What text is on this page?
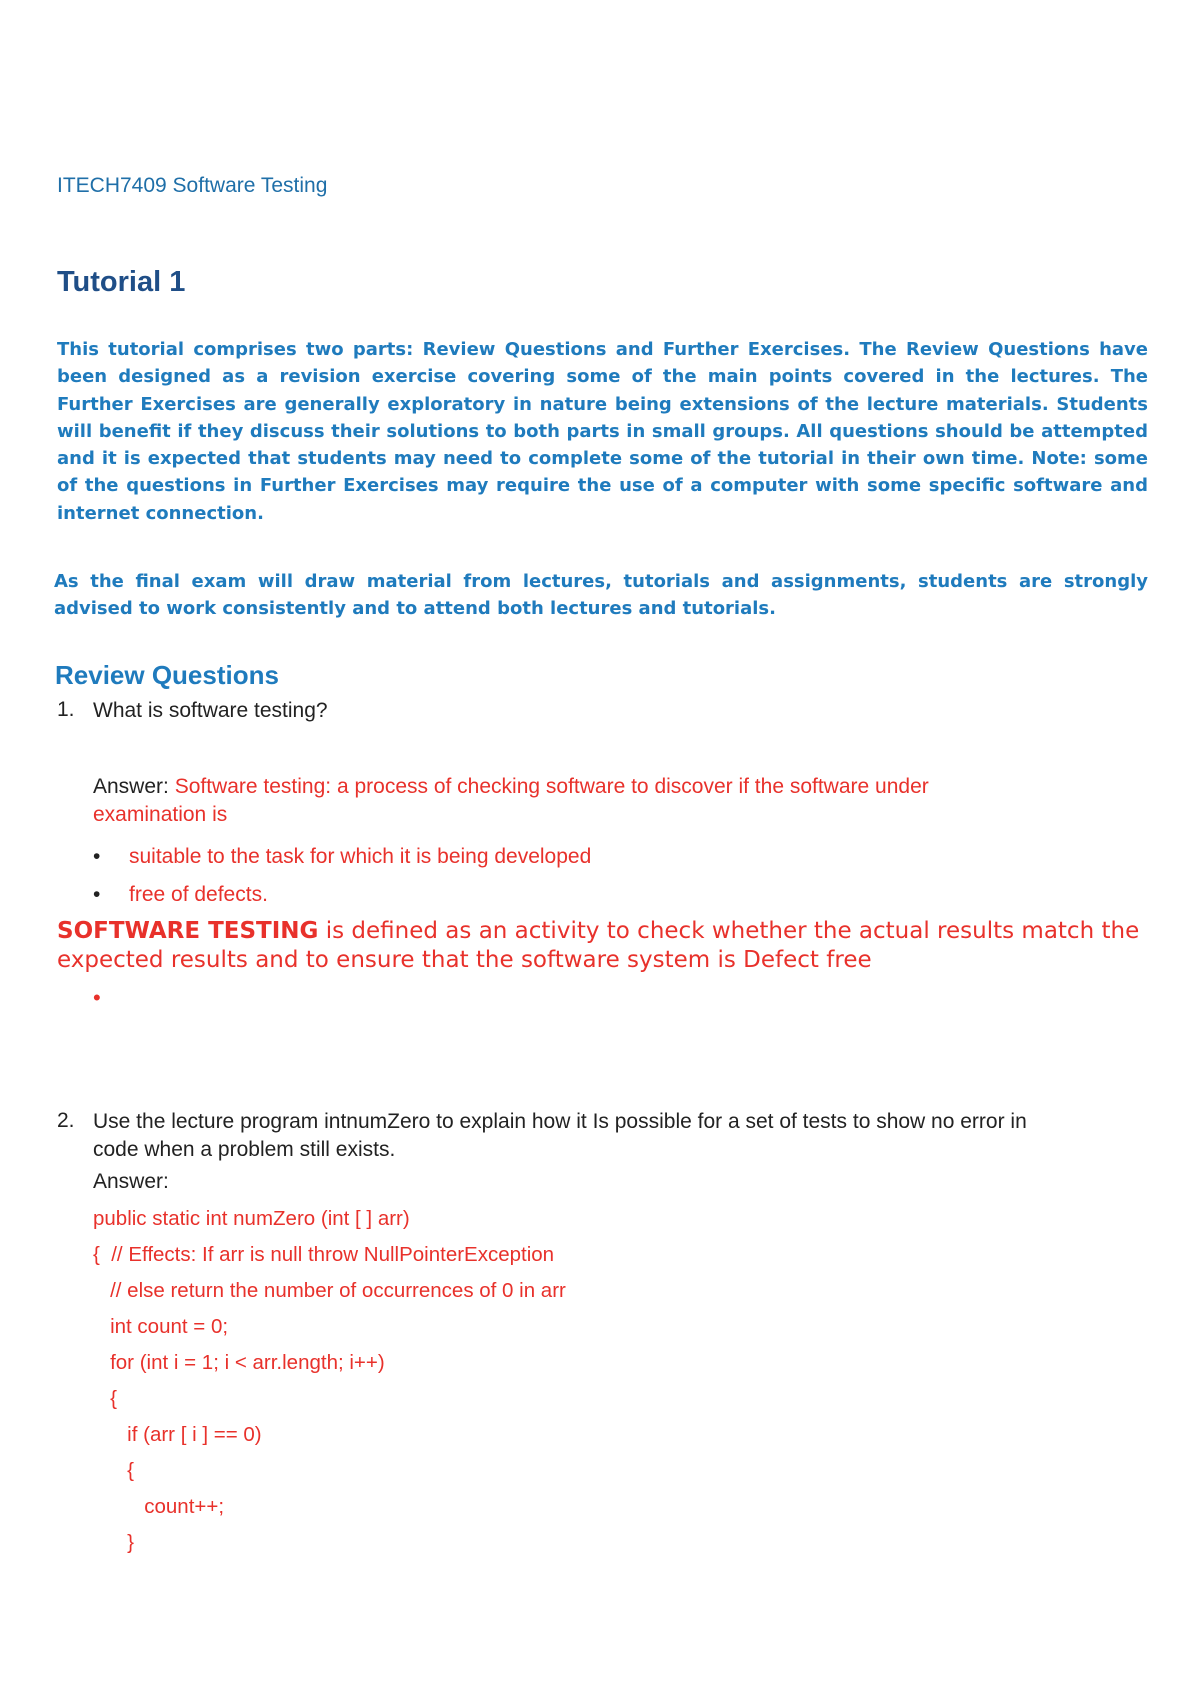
ITECH7409 Software Testing
Tutorial 1
This tutorial comprises two parts: Review Questions and Further Exercises. The Review Questions have been designed as a revision exercise covering some of the main points covered in the lectures. The Further Exercises are generally exploratory in nature being extensions of the lecture materials. Students will benefit if they discuss their solutions to both parts in small groups. All questions should be attempted and it is expected that students may need to complete some of the tutorial in their own time. Note: some of the questions in Further Exercises may require the use of a computer with some specific software and internet connection.
As the final exam will draw material from lectures, tutorials and assignments, students are strongly advised to work consistently and to attend both lectures and tutorials.
Review Questions
1. What is software testing?
Answer: Software testing: a process of checking software to discover if the software under examination is
• suitable to the task for which it is being developed
• free of defects.
SOFTWARE TESTING is defined as an activity to check whether the actual results match the expected results and to ensure that the software system is Defect free
•
2. Use the lecture program intnumZero to explain how it Is possible for a set of tests to show no error in code when a problem still exists.
Answer:
public static int numZero (int [ ] arr)
{  // Effects: If arr is null throw NullPointerException
// else return the number of occurrences of 0 in arr
int count = 0;
for (int i = 1; i < arr.length; i++)
{
if (arr [ i ] == 0)
{
count++;
}
